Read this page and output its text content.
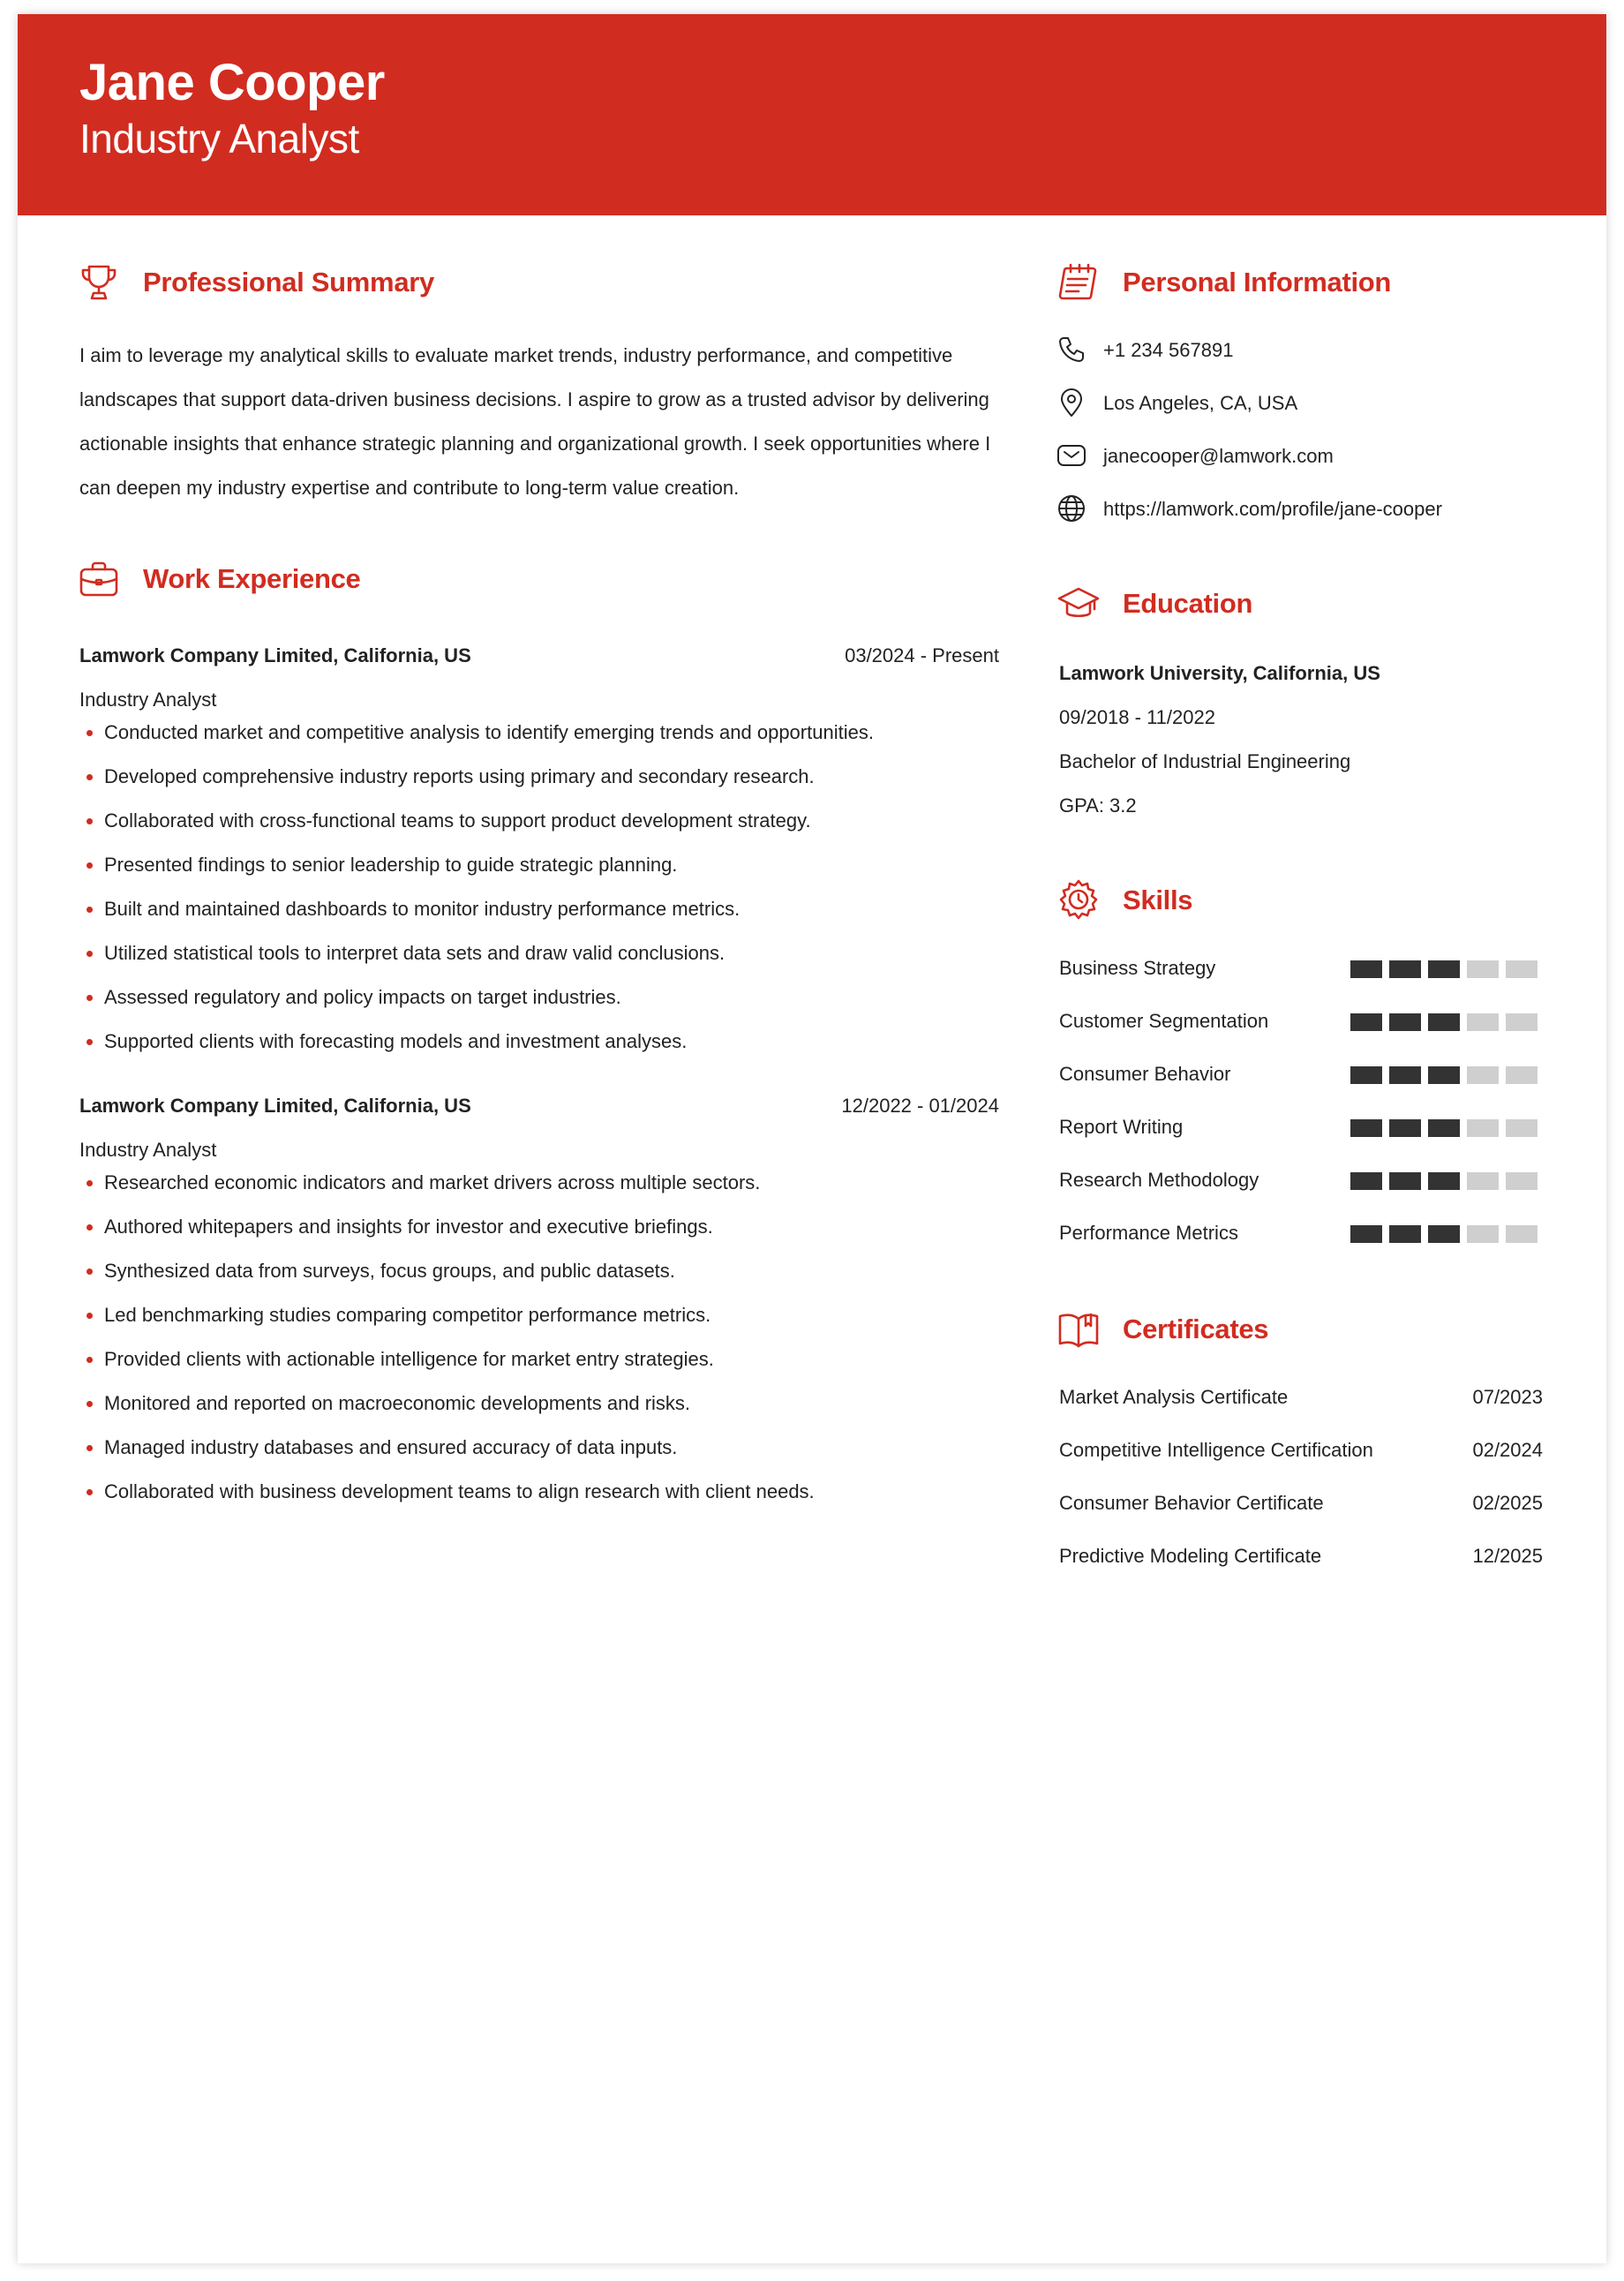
Jane Cooper
Industry Analyst
Professional Summary

I aim to leverage my analytical skills to evaluate market trends, industry performance, and competitive landscapes that support data-driven business decisions. I aspire to grow as a trusted advisor by delivering actionable insights that enhance strategic planning and organizational growth. I seek opportunities where I can deepen my industry expertise and contribute to long-term value creation.

Work Experience
Lamwork Company Limited, California, US	03/2024 - Present
Industry Analyst
Conducted market and competitive analysis to identify emerging trends and opportunities.
Developed comprehensive industry reports using primary and secondary research.
Collaborated with cross-functional teams to support product development strategy.
Presented findings to senior leadership to guide strategic planning.
Built and maintained dashboards to monitor industry performance metrics.
Utilized statistical tools to interpret data sets and draw valid conclusions.
Assessed regulatory and policy impacts on target industries.
Supported clients with forecasting models and investment analyses.
Lamwork Company Limited, California, US	12/2022 - 01/2024
Industry Analyst
Researched economic indicators and market drivers across multiple sectors.
Authored whitepapers and insights for investor and executive briefings.
Synthesized data from surveys, focus groups, and public datasets.
Led benchmarking studies comparing competitor performance metrics.
Provided clients with actionable intelligence for market entry strategies.
Monitored and reported on macroeconomic developments and risks.
Managed industry databases and ensured accuracy of data inputs.
Collaborated with business development teams to align research with client needs.
Personal Information
+1 234 567891
Los Angeles, CA, USA
janecooper@lamwork.com
https://lamwork.com/profile/jane-cooper
Education
Lamwork University, California, US
09/2018 - 11/2022
Bachelor of Industrial Engineering
GPA: 3.2
Skills
Business Strategy
Customer Segmentation
Consumer Behavior
Report Writing
Research Methodology
Performance Metrics
Certificates
Market Analysis Certificate	07/2023
Competitive Intelligence Certification	02/2024
Consumer Behavior Certificate	02/2025
Predictive Modeling Certificate	12/2025
